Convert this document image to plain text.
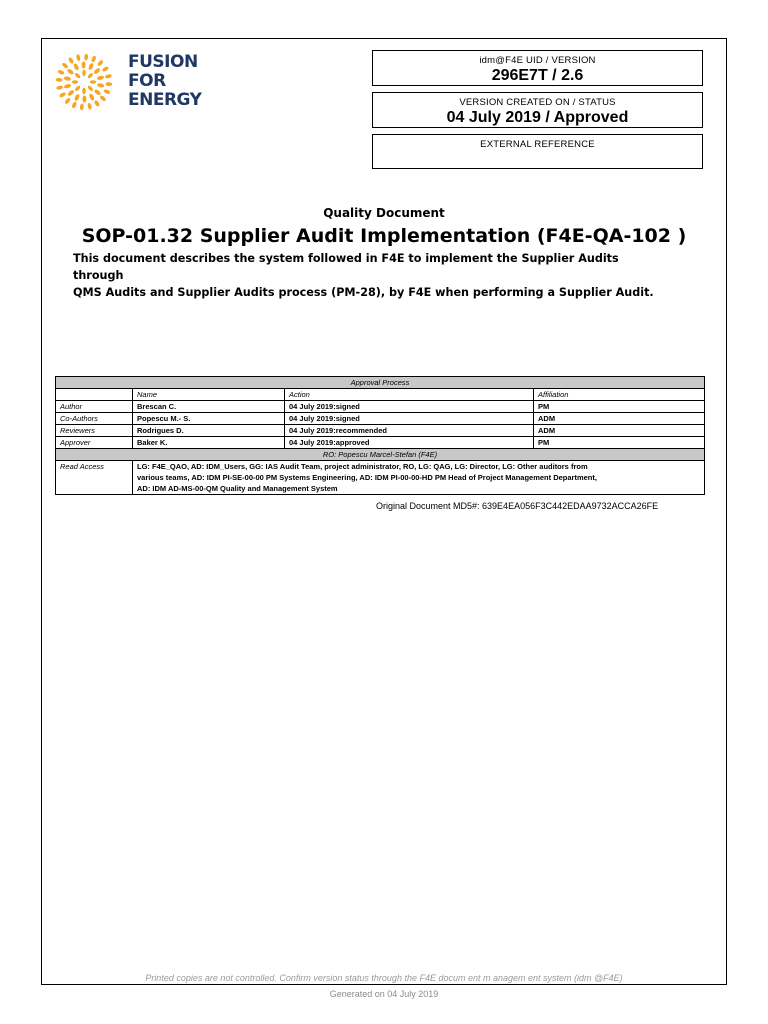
FUSION
FOR
ENERGY
idm@F4E UID / VERSION
296E7T / 2.6
VERSION CREATED ON / STATUS
04 July 2019 / Approved
EXTERNAL REFERENCE
Quality Document
SOP-01.32 Supplier Audit Implementation (F4E-QA-102 )
This document describes the system followed in F4E to implement the Supplier Audits through
QMS Audits and Supplier Audits process (PM-28), by F4E when performing a Supplier Audit.
Approval Process			
	Name	Action	Affiliation
Author	Brescan C.	04 July 2019:signed	PM
Co-Authors	Popescu M.- S.	04 July 2019:signed	ADM
Reviewers	Rodrigues D.	04 July 2019:recommended	ADM
Approver	Baker K.	04 July 2019:approved	PM
RO: Popescu Marcel-Stefan (F4E)			
Read Access	LG: F4E_QAO, AD: IDM_Users, GG: IAS Audit Team, project administrator, RO, LG: QAG, LG: Director, LG: Other auditors from
various teams, AD: IDM PI-SE-00-00 PM Systems Engineering, AD: IDM PI-00-00-HD PM Head of Project Management Department,
AD: IDM AD-MS-00-QM Quality and Management System		
Original Document MD5#: 639E4EA056F3C442EDAA9732ACCA26FE
Printed copies are not controlled. Confirm version status through the F4E docum ent m anagem ent system (idm @F4E)
Generated on 04 July 2019
